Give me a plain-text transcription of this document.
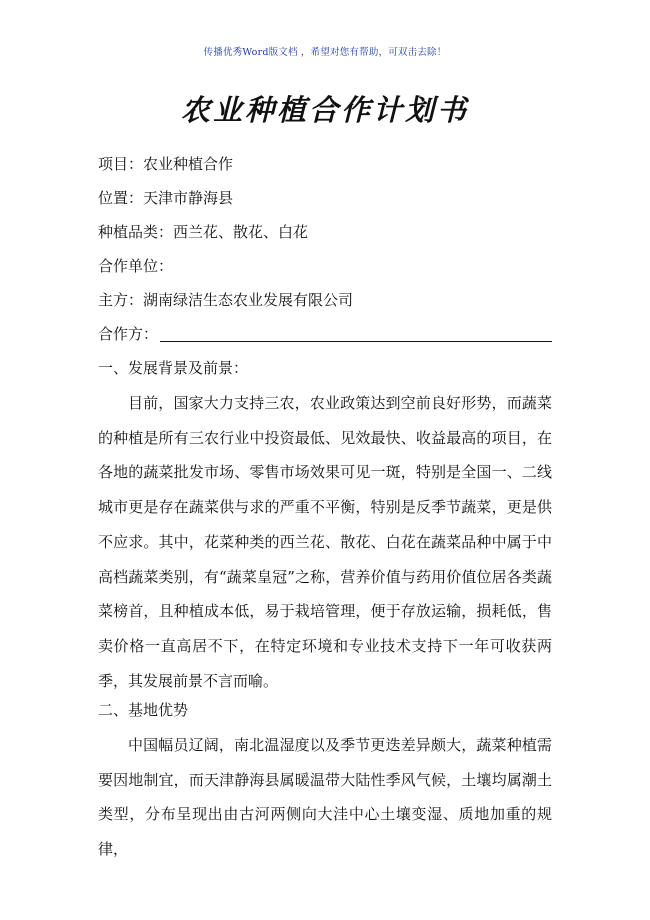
传播优秀Word版文档 ，希望对您有帮助，可双击去除！
农业种植合作计划书
项目：农业种植合作
位置：天津市静海县
种植品类：西兰花、散花、白花
合作单位：
主方：湖南绿洁生态农业发展有限公司
合作方：
一、发展背景及前景：

目前，国家大力支持三农，农业政策达到空前良好形势，而蔬菜的种植是所有三农行业中投资最低、见效最快、收益最高的项目，在各地的蔬菜批发市场、零售市场效果可见一斑，特别是全国一、二线城市更是存在蔬菜供与求的严重不平衡，特别是反季节蔬菜，更是供不应求。其中，花菜种类的西兰花、散花、白花在蔬菜品种中属于中高档蔬菜类别，有“蔬菜皇冠”之称，营养价值与药用价值位居各类蔬菜榜首，且种植成本低，易于栽培管理，便于存放运输，损耗低，售卖价格一直高居不下，在特定环境和专业技术支持下一年可收获两季，其发展前景不言而喻。

二、基地优势

中国幅员辽阔，南北温湿度以及季节更迭差异颇大，蔬菜种植需要因地制宜，而天津静海县属暖温带大陆性季风气候，土壤均属潮土类型，分布呈现出由古河两侧向大洼中心土壤变湿、质地加重的规律，
